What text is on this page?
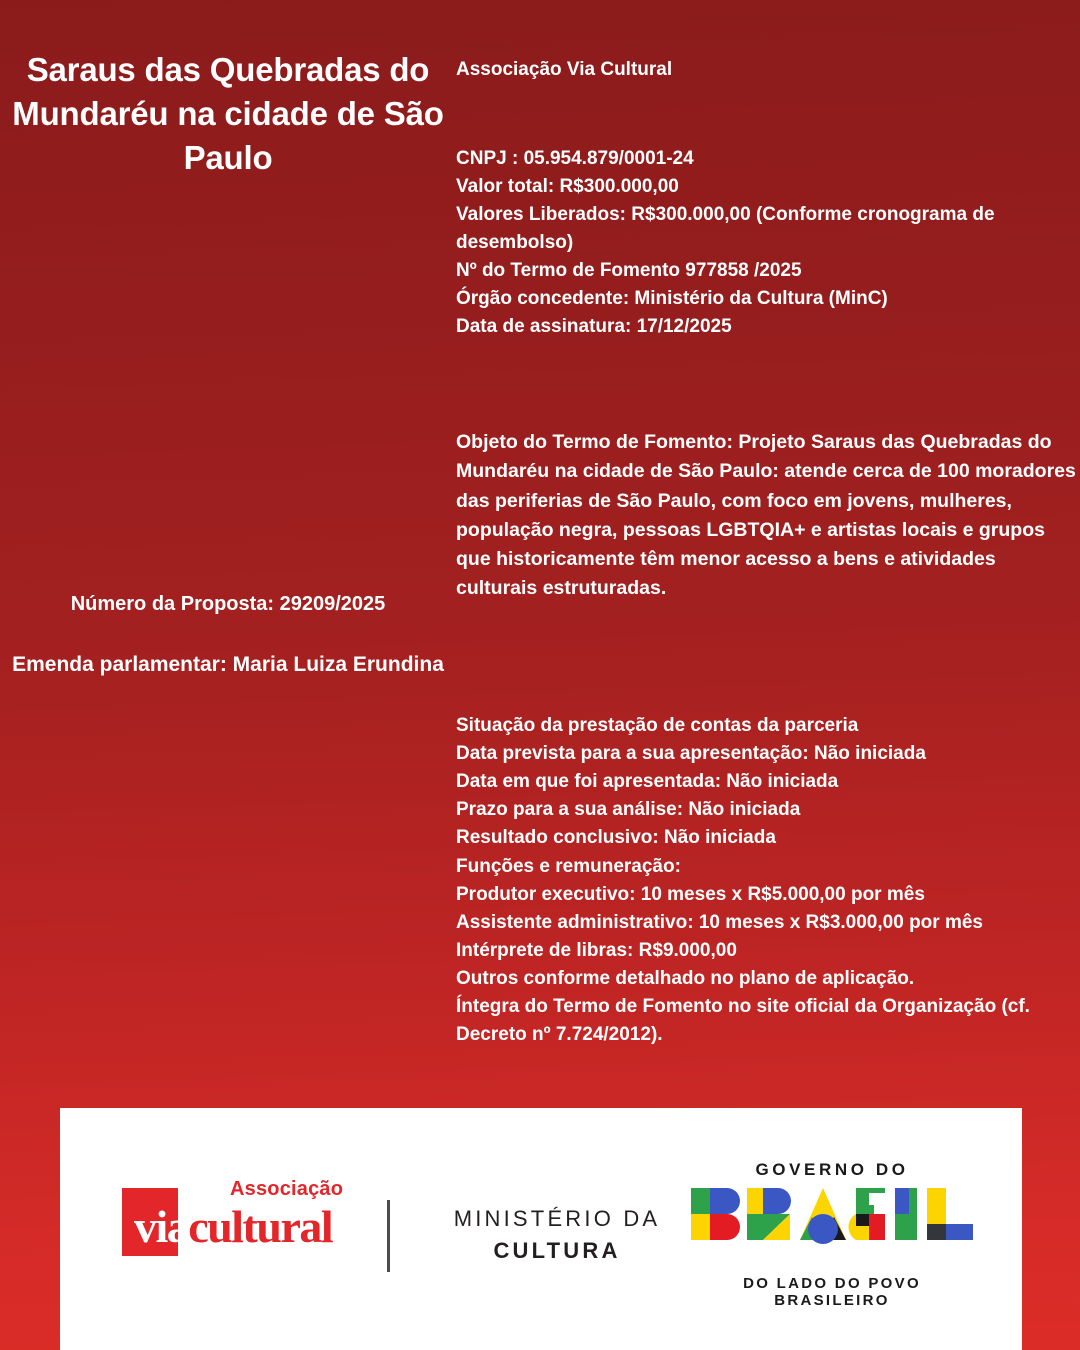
Saraus das Quebradas do Mundaréu na cidade de São Paulo
Número da Proposta: 29209/2025
Emenda parlamentar: Maria Luiza Erundina
Associação Via Cultural
CNPJ : 05.954.879/0001-24
Valor total: R$300.000,00
Valores Liberados: R$300.000,00 (Conforme cronograma de desembolso)
Nº do Termo de Fomento 977858 /2025
Órgão concedente: Ministério da Cultura (MinC)
Data de assinatura: 17/12/2025
Objeto do Termo de Fomento: Projeto Saraus das Quebradas do Mundaréu na cidade de São Paulo: atende cerca de 100 moradores das periferias de São Paulo, com foco em jovens, mulheres, população negra, pessoas LGBTQIA+ e artistas locais e grupos que historicamente têm menor acesso a bens e atividades culturais estruturadas.
Situação da prestação de contas da parceria
Data prevista para a sua apresentação: Não iniciada
Data em que foi apresentada: Não iniciada
Prazo para a sua análise: Não iniciada
Resultado conclusivo: Não iniciada
Funções e remuneração:
Produtor executivo: 10 meses x R$5.000,00 por mês
Assistente administrativo: 10 meses x R$3.000,00 por mês
Intérprete de libras: R$9.000,00
Outros conforme detalhado no plano de aplicação.
Íntegra do Termo de Fomento no site oficial da Organização (cf. Decreto nº 7.724/2012).
Associação
viacultural	MINISTÉRIO DA
CULTURA
GOVERNO DO
DO LADO DO POVO BRASILEIRO
